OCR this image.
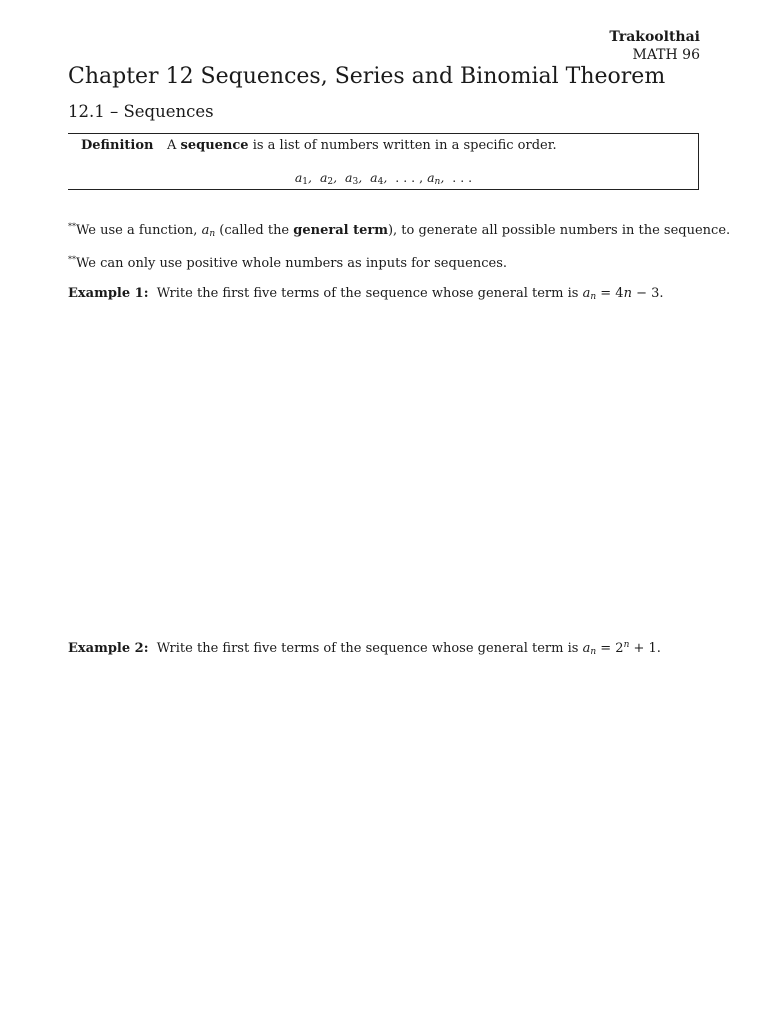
Trakoolthai
MATH 96
Chapter 12 Sequences, Series and Binomial Theorem
12.1 – Sequences
Definition A sequence is a list of numbers written in a specific order.
$a_1$,  $a_2$,  $a_3$,  $a_4$,  . . . , $a_n$,  . . .
**We use a function, $a_n$ (called the general term), to generate all possible numbers in the sequence.
**We can only use positive whole numbers as inputs for sequences.
Example 1: Write the first five terms of the sequence whose general term is $a_n = 4n - 3$.
Example 2: Write the first five terms of the sequence whose general term is $a_n = 2^n + 1$.
